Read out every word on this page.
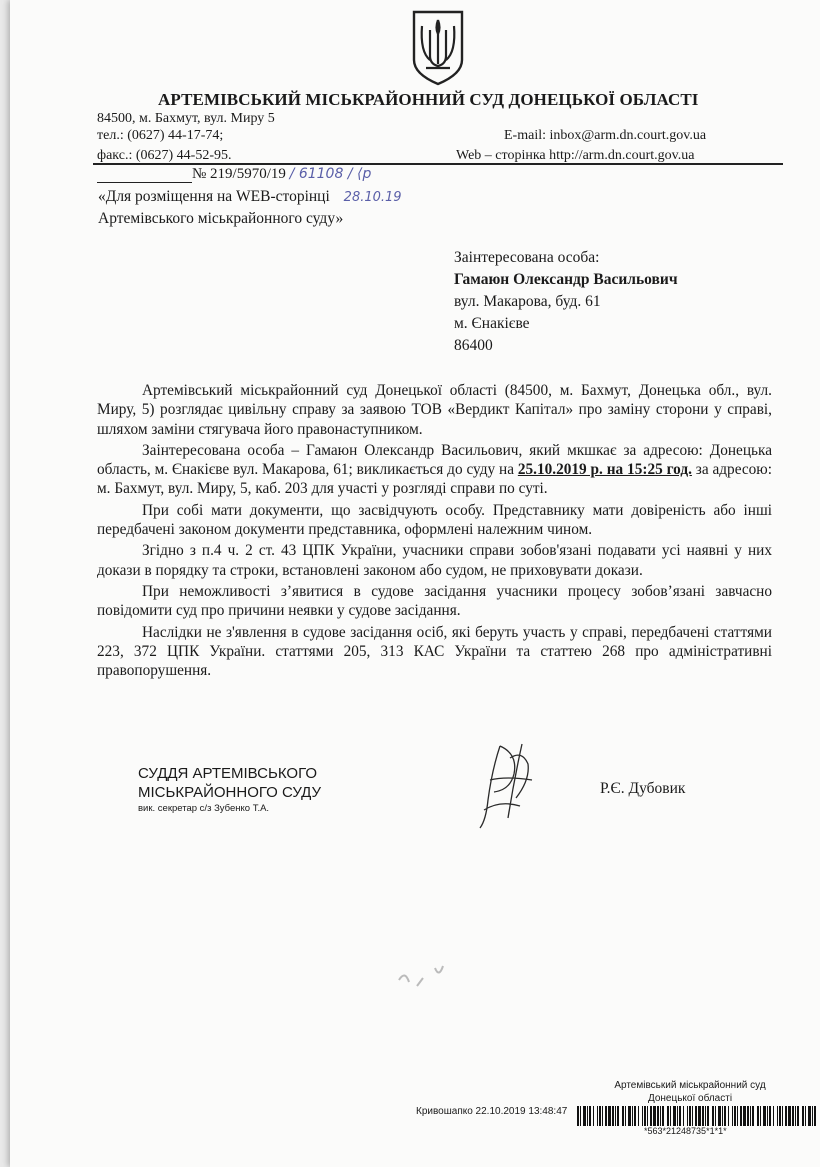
АРТЕМІВСЬКИЙ МІСЬКРАЙОННИЙ СУД ДОНЕЦЬКОЇ ОБЛАСТІ
84500, м. Бахмут, вул. Миру 5
тел.: (0627) 44-17-74;
факс.: (0627) 44-52-95.
E-mail: inbox@arm.dn.court.gov.ua
Web – сторінка http://arm.dn.court.gov.ua
№ 219/5970/19 / 61108 / ⟨р
«Для розміщення на WEB-сторінці 28.10.19
Артемівського міськрайонного суду»
Заінтересована особа:
Гамаюн Олександр Васильович
вул. Макарова, буд. 61
м. Єнакієве
86400

Артемівський міськрайонний суд Донецької області (84500, м. Бахмут, Донецька обл., вул. Миру, 5) розглядає цивільну справу за заявою ТОВ «Вердикт Капітал» про заміну сторони у справі, шляхом заміни стягувача його правонаступником.

Заінтересована особа – Гамаюн Олександр Васильович, який мкшкає за адресою: Донецька область, м. Єнакієве вул. Макарова, 61; викликається до суду на 25.10.2019 р. на 15:25 год. за адресою: м. Бахмут, вул. Миру, 5, каб. 203 для участі у розгляді справи по суті.

При собі мати документи, що засвідчують особу. Представнику мати довіреність або інші передбачені законом документи представника, оформлені належним чином.

Згідно з п.4 ч. 2 ст. 43 ЦПК України, учасники справи зобов'язані подавати усі наявні у них докази в порядку та строки, встановлені законом або судом, не приховувати докази.

При неможливості з’явитися в судове засідання учасники процесу зобов’язані завчасно повідомити суд про причини неявки у судове засідання.

Наслідки не з'явлення в судове засідання осіб, які беруть участь у справі, передбачені статтями 223, 372 ЦПК України. статтями 205, 313 КАС України та статтею 268 про адміністративні правопорушення.

СУДДЯ АРТЕМІВСЬКОГО
МІСЬКРАЙОННОГО СУДУ
вик. секретар с/з Зубенко Т.А.
Р.Є. Дубовик
Артемівський міськрайонний суд
Донецької області
Кривошапко 22.10.2019 13:48:47
*563*21248735*1*1*
